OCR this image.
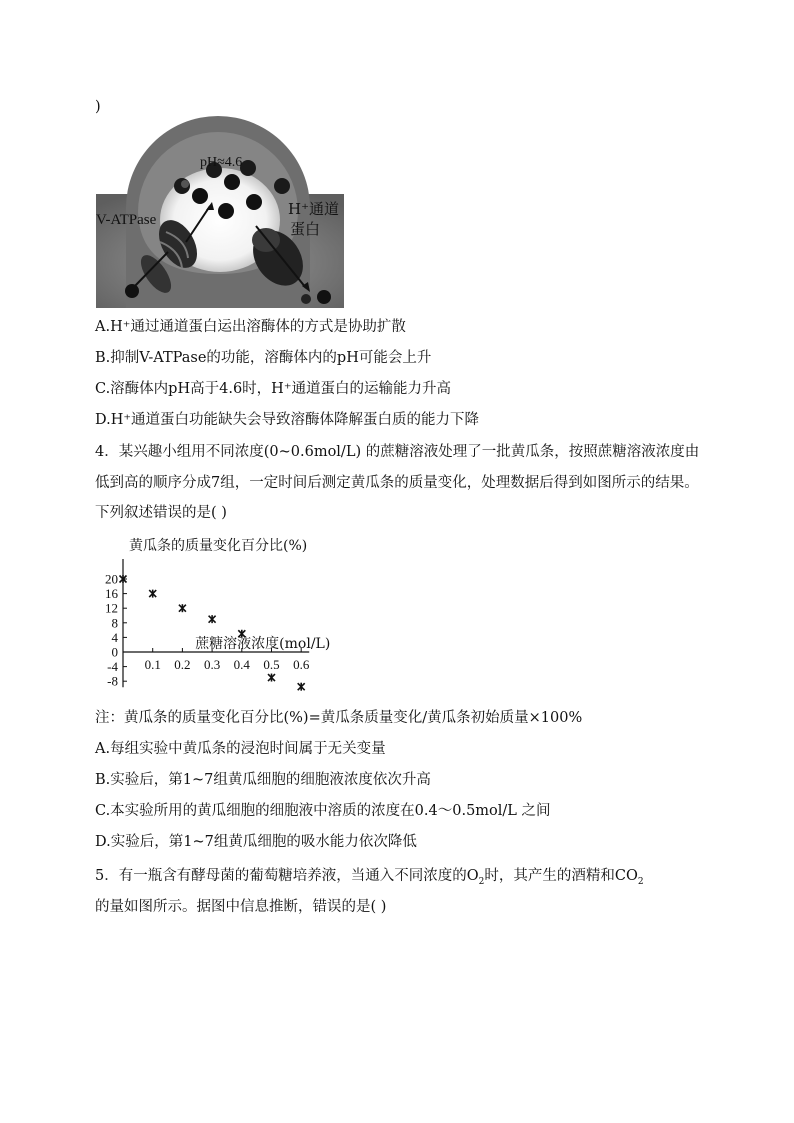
)
pH≈4.6
V-ATPase
H⁺通道
蛋白
A.H⁺通过通道蛋白运出溶酶体的方式是协助扩散
B.抑制V-ATPase的功能，溶酶体内的pH可能会上升
C.溶酶体内pH高于4.6时，H⁺通道蛋白的运输能力升高
D.H⁺通道蛋白功能缺失会导致溶酶体降解蛋白质的能力下降
4．某兴趣小组用不同浓度(0~0.6mol/L) 的蔗糖溶液处理了一批黄瓜条，按照蔗糖溶液浓度由低到高的顺序分成7组，一定时间后测定黄瓜条的质量变化，处理数据后得到如图所示的结果。下列叙述错误的是( )
20
16
12
8
4
0
-4
-8
0.1 0.2 0.3 0.4 0.5 0.6
黄瓜条的质量变化百分比(%)
蔗糖溶液浓度(mol/L)
注：黄瓜条的质量变化百分比(%)=黄瓜条质量变化/黄瓜条初始质量×100%
A.每组实验中黄瓜条的浸泡时间属于无关变量
B.实验后，第1~7组黄瓜细胞的细胞液浓度依次升高
C.本实验所用的黄瓜细胞的细胞液中溶质的浓度在0.4～0.5mol/L 之间
D.实验后，第1~7组黄瓜细胞的吸水能力依次降低
5．有一瓶含有酵母菌的葡萄糖培养液，当通入不同浓度的$O_2$时，其产生的酒精和$CO_2$
的量如图所示。据图中信息推断，错误的是( )
